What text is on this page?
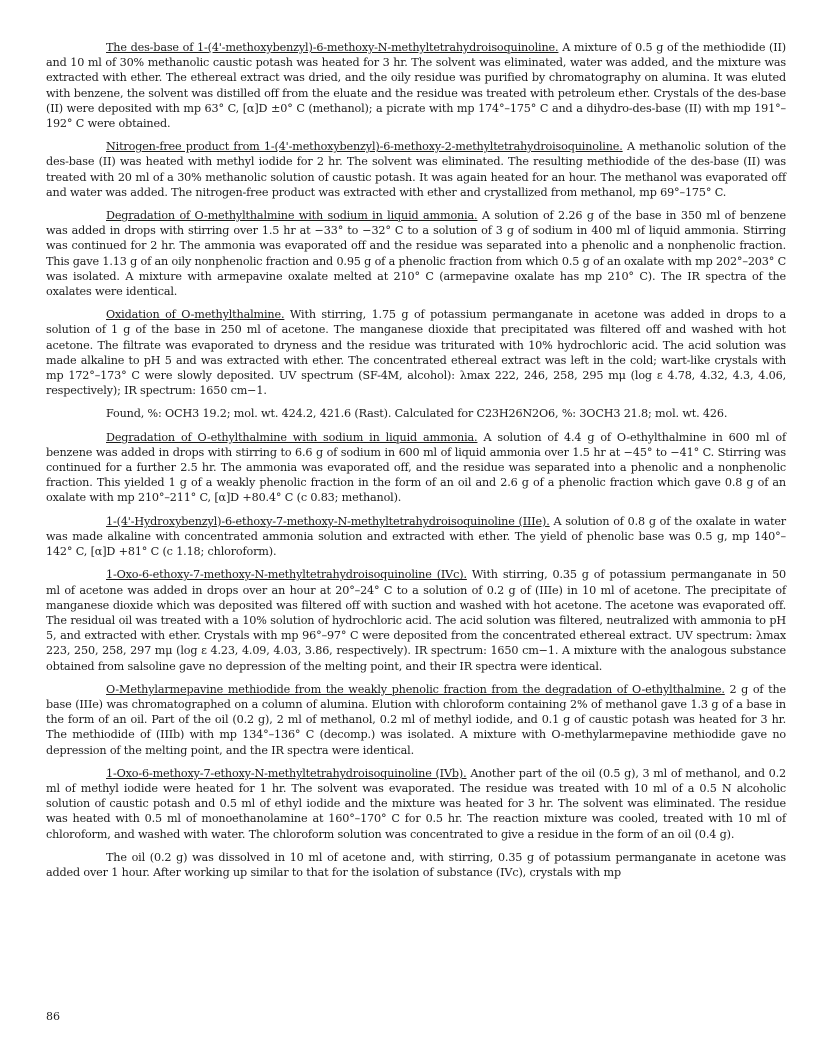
The des-base of 1-(4'-methoxybenzyl)-6-methoxy-N-methyltetrahydroisoquinoline. A mixture of 0.5 g of the methiodide (II) and 10 ml of 30% methanolic caustic potash was heated for 3 hr. The solvent was eliminated, water was added, and the mixture was extracted with ether. The ethereal extract was dried, and the oily residue was purified by chromatography on alumina. It was eluted with benzene, the solvent was distilled off from the eluate and the residue was treated with petroleum ether. Crystals of the des-base (II) were deposited with mp 63° C, [α]D ±0° C (methanol); a picrate with mp 174°–175° C and a dihydro-des-base (II) with mp 191°–192° C were obtained.

Nitrogen-free product from 1-(4'-methoxybenzyl)-6-methoxy-2-methyltetrahydroisoquinoline. A methanolic solution of the des-base (II) was heated with methyl iodide for 2 hr. The solvent was eliminated. The resulting methiodide of the des-base (II) was treated with 20 ml of a 30% methanolic solution of caustic potash. It was again heated for an hour. The methanol was evaporated off and water was added. The nitrogen-free product was extracted with ether and crystallized from methanol, mp 69°–175° C.

Degradation of O-methylthalmine with sodium in liquid ammonia. A solution of 2.26 g of the base in 350 ml of benzene was added in drops with stirring over 1.5 hr at −33° to −32° C to a solution of 3 g of sodium in 400 ml of liquid ammonia. Stirring was continued for 2 hr. The ammonia was evaporated off and the residue was separated into a phenolic and a nonphenolic fraction. This gave 1.13 g of an oily nonphenolic fraction and 0.95 g of a phenolic fraction from which 0.5 g of an oxalate with mp 202°–203° C was isolated. A mixture with armepavine oxalate melted at 210° C (armepavine oxalate has mp 210° C). The IR spectra of the oxalates were identical.

Oxidation of O-methylthalmine. With stirring, 1.75 g of potassium permanganate in acetone was added in drops to a solution of 1 g of the base in 250 ml of acetone. The manganese dioxide that precipitated was filtered off and washed with hot acetone. The filtrate was evaporated to dryness and the residue was triturated with 10% hydrochloric acid. The acid solution was made alkaline to pH 5 and was extracted with ether. The concentrated ethereal extract was left in the cold; wart-like crystals with mp 172°–173° C were slowly deposited. UV spectrum (SF-4M, alcohol): λmax 222, 246, 258, 295 mμ (log ε 4.78, 4.32, 4.3, 4.06, respectively); IR spectrum: 1650 cm−1.

Found, %: OCH3 19.2; mol. wt. 424.2, 421.6 (Rast). Calculated for C23H26N2O6, %: 3OCH3 21.8; mol. wt. 426.

Degradation of O-ethylthalmine with sodium in liquid ammonia. A solution of 4.4 g of O-ethylthalmine in 600 ml of benzene was added in drops with stirring to 6.6 g of sodium in 600 ml of liquid ammonia over 1.5 hr at −45° to −41° C. Stirring was continued for a further 2.5 hr. The ammonia was evaporated off, and the residue was separated into a phenolic and a nonphenolic fraction. This yielded 1 g of a weakly phenolic fraction in the form of an oil and 2.6 g of a phenolic fraction which gave 0.8 g of an oxalate with mp 210°–211° C, [α]D +80.4° C (c 0.83; methanol).

1-(4'-Hydroxybenzyl)-6-ethoxy-7-methoxy-N-methyltetrahydroisoquinoline (IIIe). A solution of 0.8 g of the oxalate in water was made alkaline with concentrated ammonia solution and extracted with ether. The yield of phenolic base was 0.5 g, mp 140°–142° C, [α]D +81° C (c 1.18; chloroform).

1-Oxo-6-ethoxy-7-methoxy-N-methyltetrahydroisoquinoline (IVc). With stirring, 0.35 g of potassium permanganate in 50 ml of acetone was added in drops over an hour at 20°–24° C to a solution of 0.2 g of (IIIe) in 10 ml of acetone. The precipitate of manganese dioxide which was deposited was filtered off with suction and washed with hot acetone. The acetone was evaporated off. The residual oil was treated with a 10% solution of hydrochloric acid. The acid solution was filtered, neutralized with ammonia to pH 5, and extracted with ether. Crystals with mp 96°–97° C were deposited from the concentrated ethereal extract. UV spectrum: λmax 223, 250, 258, 297 mμ (log ε 4.23, 4.09, 4.03, 3.86, respectively). IR spectrum: 1650 cm−1. A mixture with the analogous substance obtained from salsoline gave no depression of the melting point, and their IR spectra were identical.

O-Methylarmepavine methiodide from the weakly phenolic fraction from the degradation of O-ethylthalmine. 2 g of the base (IIIe) was chromatographed on a column of alumina. Elution with chloroform containing 2% of methanol gave 1.3 g of a base in the form of an oil. Part of the oil (0.2 g), 2 ml of methanol, 0.2 ml of methyl iodide, and 0.1 g of caustic potash was heated for 3 hr. The methiodide of (IIIb) with mp 134°–136° C (decomp.) was isolated. A mixture with O-methylarmepavine methiodide gave no depression of the melting point, and the IR spectra were identical.

1-Oxo-6-methoxy-7-ethoxy-N-methyltetrahydroisoquinoline (IVb). Another part of the oil (0.5 g), 3 ml of methanol, and 0.2 ml of methyl iodide were heated for 1 hr. The solvent was evaporated. The residue was treated with 10 ml of a 0.5 N alcoholic solution of caustic potash and 0.5 ml of ethyl iodide and the mixture was heated for 3 hr. The solvent was eliminated. The residue was heated with 0.5 ml of monoethanolamine at 160°–170° C for 0.5 hr. The reaction mixture was cooled, treated with 10 ml of chloroform, and washed with water. The chloroform solution was concentrated to give a residue in the form of an oil (0.4 g).

The oil (0.2 g) was dissolved in 10 ml of acetone and, with stirring, 0.35 g of potassium permanganate in acetone was added over 1 hour. After working up similar to that for the isolation of substance (IVc), crystals with mp

86
